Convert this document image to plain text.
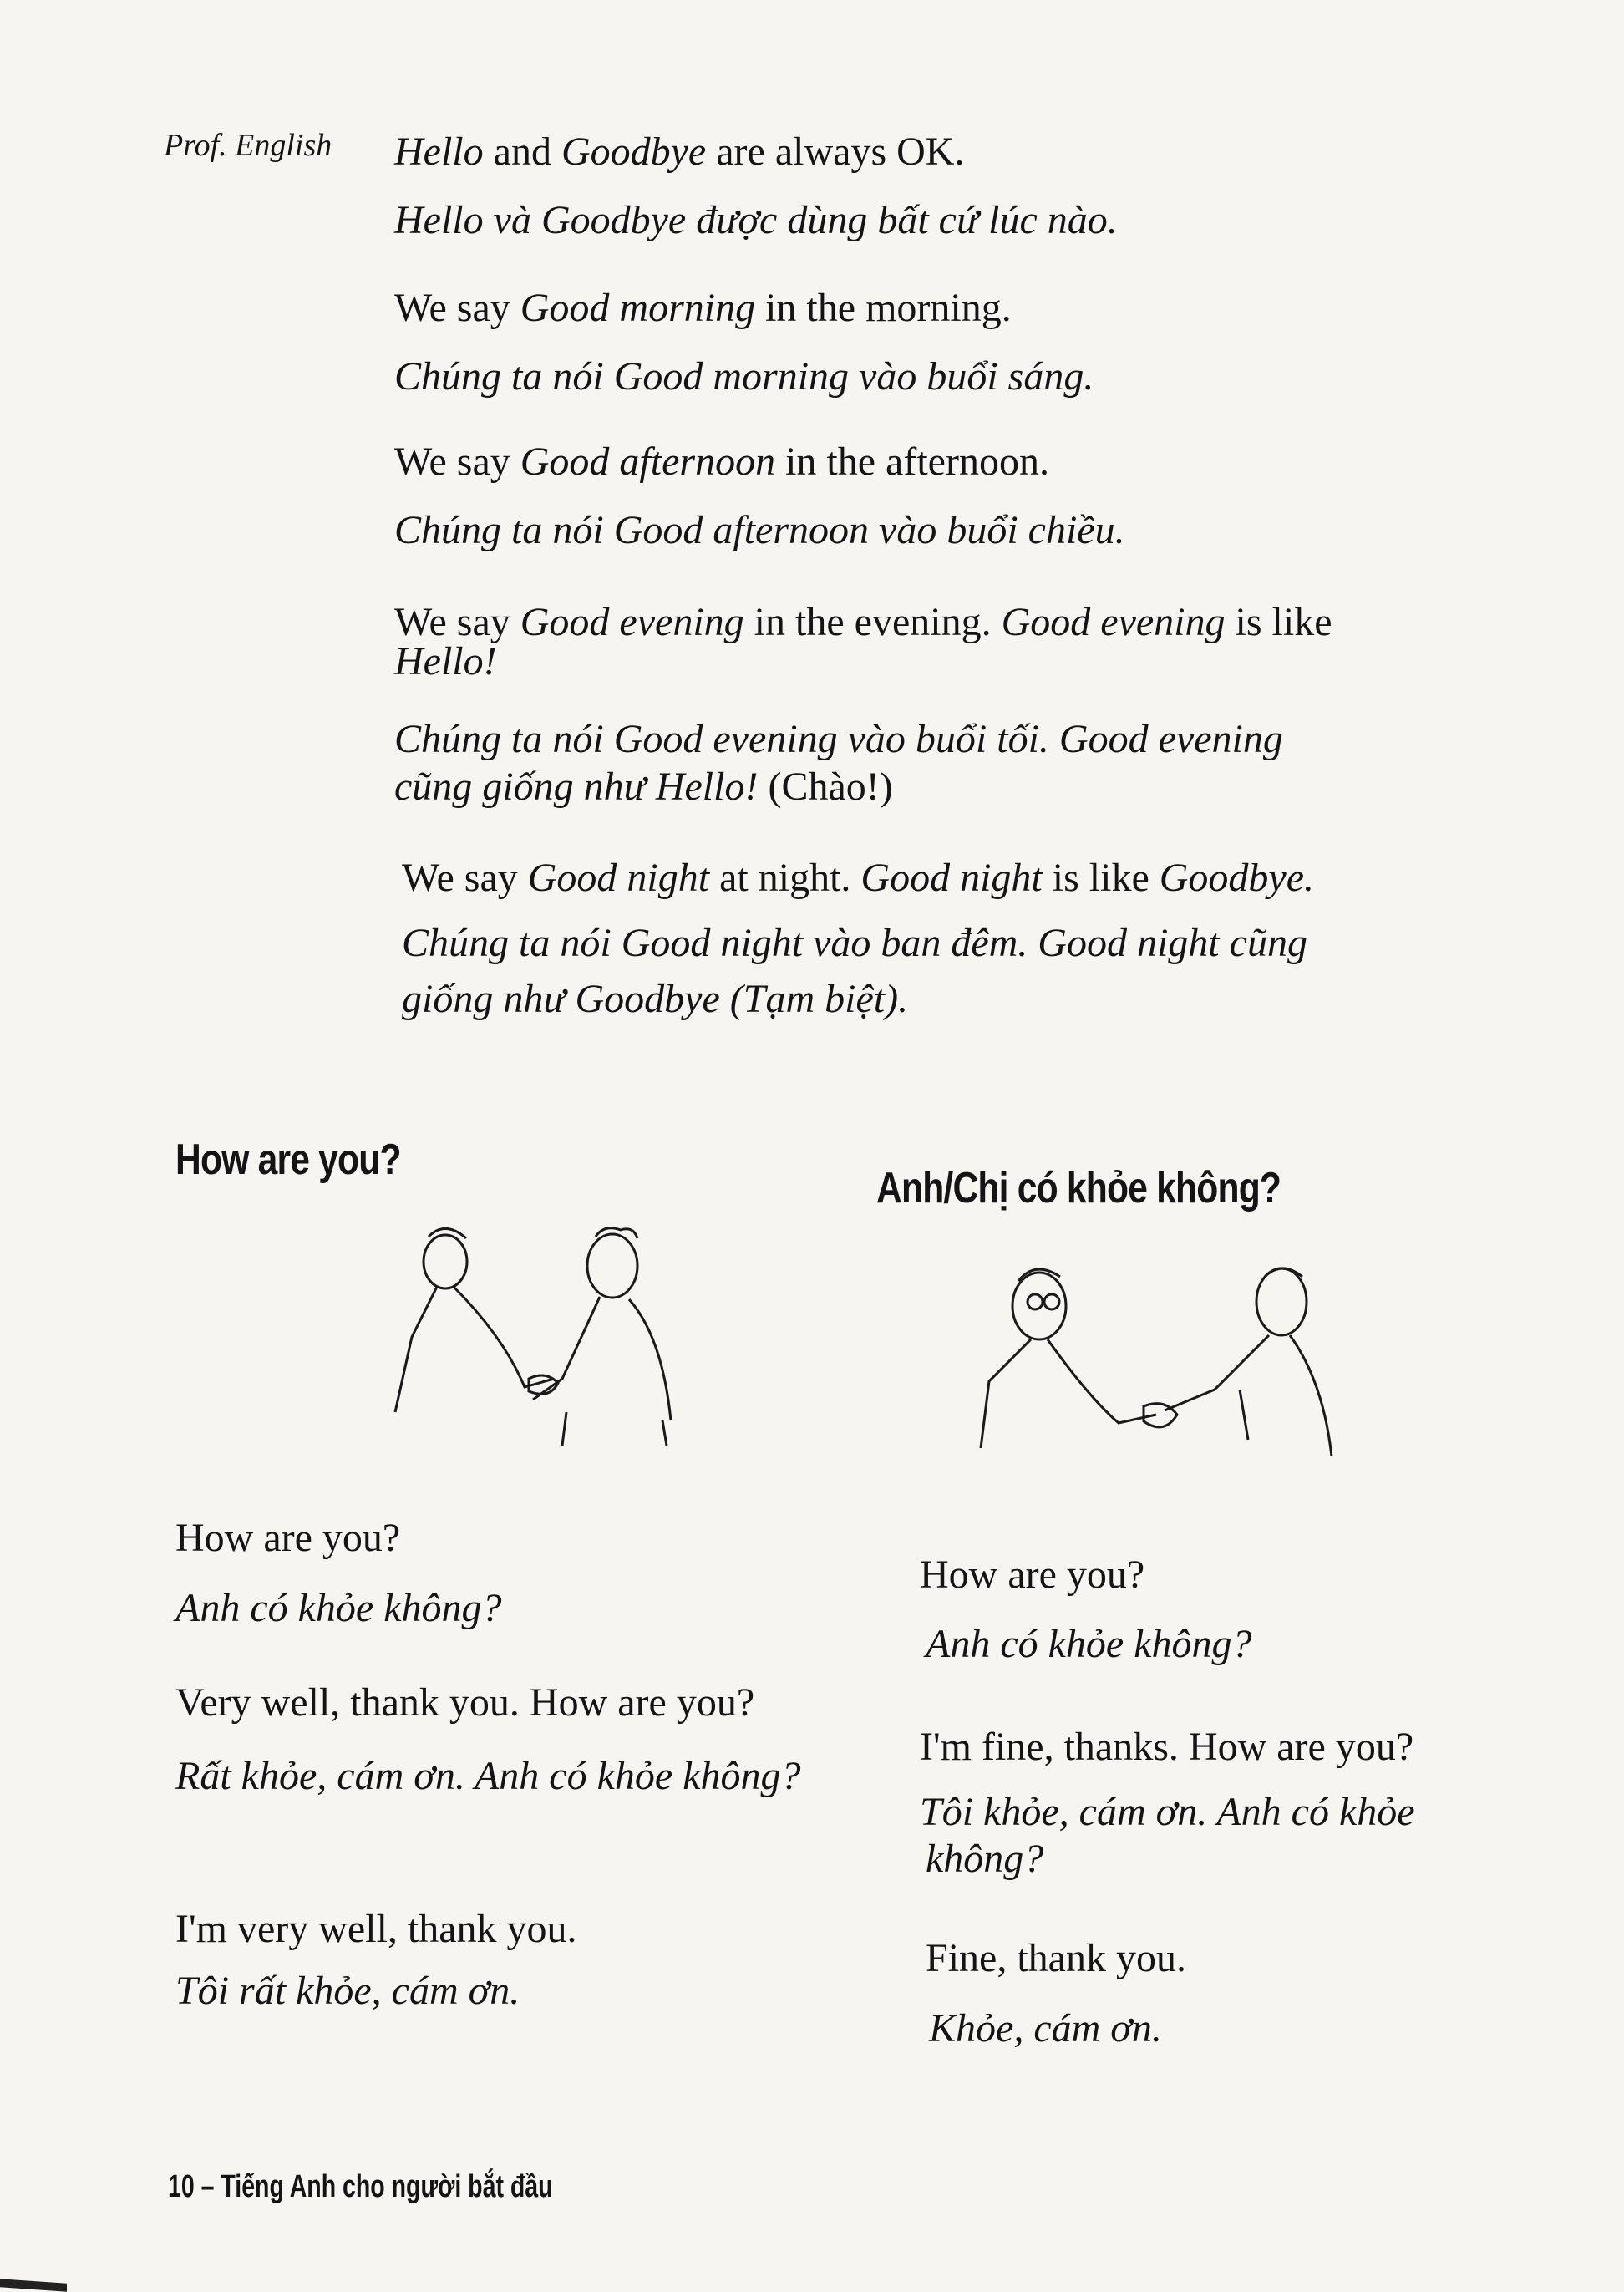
Prof. English Hello and Goodbye are always OK.
Hello và Goodbye được dùng bất cứ lúc nào.
We say Good morning in the morning.
Chúng ta nói Good morning vào buổi sáng.
We say Good afternoon in the afternoon.
Chúng ta nói Good afternoon vào buổi chiều.
We say Good evening in the evening. Good evening is like
Hello!
Chúng ta nói Good evening vào buổi tối. Good evening
cũng giống như Hello! (Chào!)
We say Good night at night. Good night is like Goodbye.
Chúng ta nói Good night vào ban đêm. Good night cũng
giống như Goodbye (Tạm biệt).
How are you?
Anh/Chị có khỏe không?
How are you?
Anh có khỏe không?
Very well, thank you. How are you?
Rất khỏe, cám ơn. Anh có khỏe không?
I'm very well, thank you.
Tôi rất khỏe, cám ơn.
How are you?
Anh có khỏe không?
I'm fine, thanks. How are you?
Tôi khỏe, cám ơn. Anh có khỏe
không?
Fine, thank you.
Khỏe, cám ơn.
10 – Tiếng Anh cho người bắt đầu
